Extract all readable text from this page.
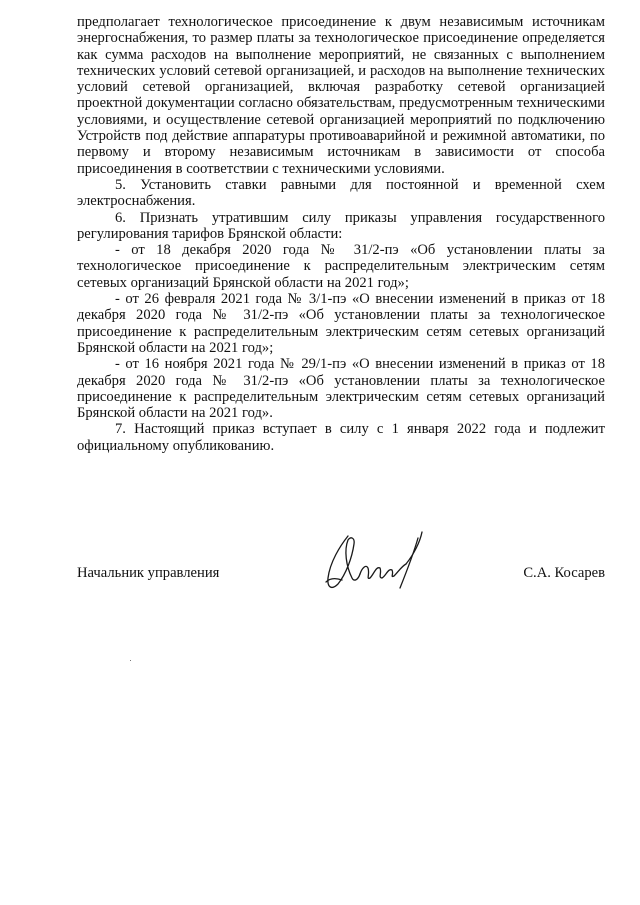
предполагает технологическое присоединение к двум независимым источникам энергоснабжения, то размер платы за технологическое присоединение определяется как сумма расходов на выполнение мероприятий, не связанных с выполнением технических условий сетевой организацией, и расходов на выполнение технических условий сетевой организацией, включая разработку сетевой организацией проектной документации согласно обязательствам, предусмотренным техническими условиями, и осуществление сетевой организацией мероприятий по подключению Устройств под действие аппаратуры противоаварийной и режимной автоматики, по первому и второму независимым источникам в зависимости от способа присоединения в соответствии с техническими условиями.

5. Установить ставки равными для постоянной и временной схем электроснабжения.

6. Признать утратившим силу приказы управления государственного регулирования тарифов Брянской области:

- от 18 декабря 2020 года № 31/2-пэ «Об установлении платы за технологическое присоединение к распределительным электрическим сетям сетевых организаций Брянской области на 2021 год»;

- от 26 февраля 2021 года № 3/1-пэ «О внесении изменений в приказ от 18 декабря 2020 года № 31/2-пэ «Об установлении платы за технологическое присоединение к распределительным электрическим сетям сетевых организаций Брянской области на 2021 год»;

- от 16 ноября 2021 года № 29/1-пэ «О внесении изменений в приказ от 18 декабря 2020 года № 31/2-пэ «Об установлении платы за технологическое присоединение к распределительным электрическим сетям сетевых организаций Брянской области на 2021 год».

7. Настоящий приказ вступает в силу с 1 января 2022 года и подлежит официальному опубликованию.

Начальник управления	С.А. Косарев
